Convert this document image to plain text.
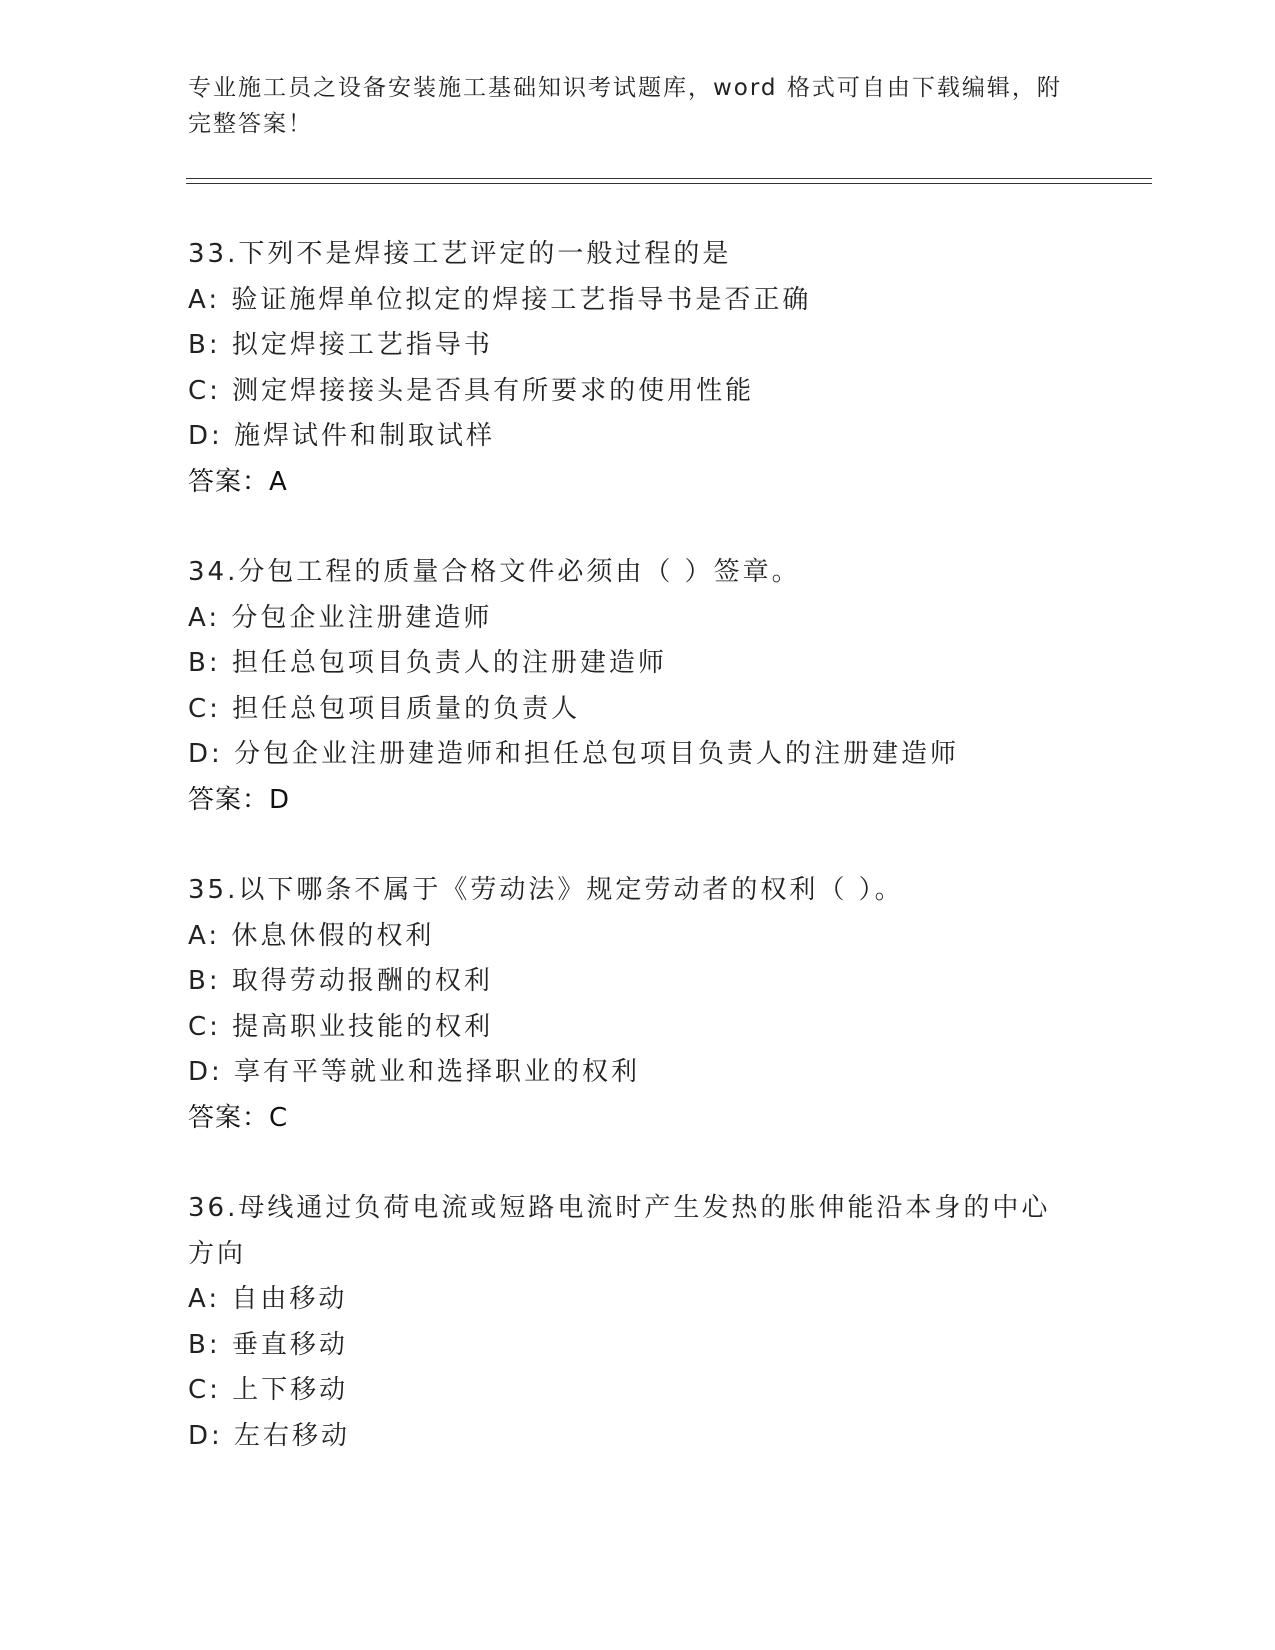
专业施工员之设备安装施工基础知识考试题库，word 格式可自由下载编辑，附完整答案！

33.下列不是焊接工艺评定的一般过程的是

A: 验证施焊单位拟定的焊接工艺指导书是否正确

B: 拟定焊接工艺指导书

C: 测定焊接接头是否具有所要求的使用性能

D: 施焊试件和制取试样

答案：A

34.分包工程的质量合格文件必须由（ ）签章。

A: 分包企业注册建造师

B: 担任总包项目负责人的注册建造师

C: 担任总包项目质量的负责人

D: 分包企业注册建造师和担任总包项目负责人的注册建造师

答案：D

35.以下哪条不属于《劳动法》规定劳动者的权利（ ）。

A: 休息休假的权利

B: 取得劳动报酬的权利

C: 提高职业技能的权利

D: 享有平等就业和选择职业的权利

答案：C

36.母线通过负荷电流或短路电流时产生发热的胀伸能沿本身的中心方向

A: 自由移动

B: 垂直移动

C: 上下移动

D: 左右移动
